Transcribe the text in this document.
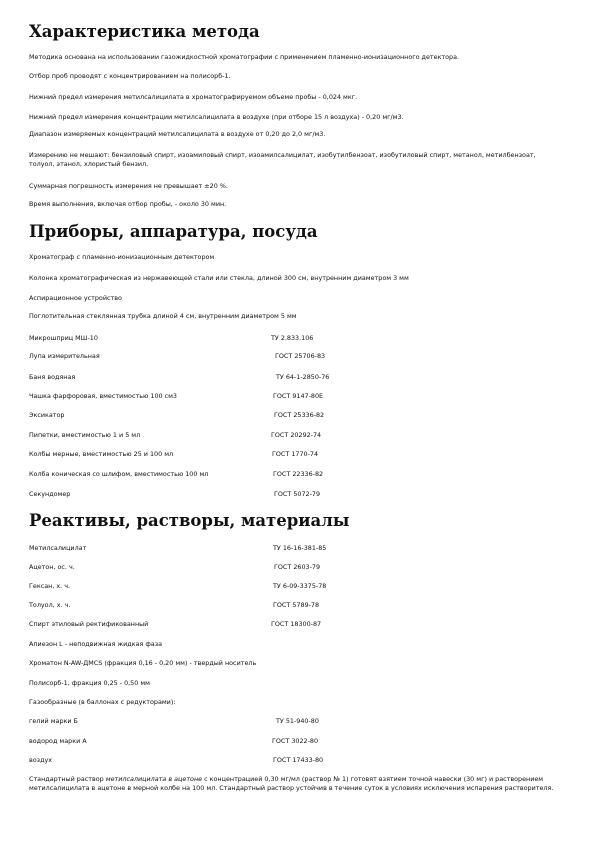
Характеристика метода

Методика основана на использовании газожидкостной хроматографии с применением пламенно-ионизационного детектора.

Отбор проб проводят с концентрированием на полисорб-1.

Нижний предел измерения метилсалицилата в хроматографируемом объеме пробы - 0,024 мкг.

Нижний предел измерения концентрации метилсалицилата в воздухе (при отборе 15 л воздуха) - 0,20 мг/м3.

Диапазон измеряемых концентраций метилсалицилата в воздухе от 0,20 до 2,0 мг/м3.

Измерению не мешают: бензиловый спирт, изоамиловый спирт, изоамилсалицилат, изобутилбензоат, изобутиловый спирт, метанол, метилбензоат, толуол, этанол, хлористый бензил.

Суммарная погрешность измерения не превышает ±20 %.

Время выполнения, включая отбор пробы, - около 30 мин.

Приборы, аппаратура, посуда

Хроматограф с пламенно-ионизационным детектором

Колонка хроматографическая из нержавеющей стали или стекла, длиной 300 см, внутренним диаметром 3 мм

Аспирационное устройство

Поглотительная стеклянная трубка длиной 4 см, внутренним диаметром 5 мм

Микрошприц МШ-10	ТУ 2.833.106

Лупа измерительная	ГОСТ 25706-83

Баня водяная	ТУ 64-1-2850-76

Чашка фарфоровая, вместимостью 100 см3	ГОСТ 9147-80Е

Эксикатор	ГОСТ 25336-82

Пипетки, вместимостью 1 и 5 мл	ГОСТ 20292-74

Колбы мерные, вместимостью 25 и 100 мл	ГОСТ 1770-74

Колба коническая со шлифом, вместимостью 100 мл	ГОСТ 22336-82

Секундомер	ГОСТ 5072-79

Реактивы, растворы, материалы

Метилсалицилат	ТУ 16-16-381-85

Ацетон, ос. ч.	ГОСТ 2603-79

Гексан, х. ч.	ТУ 6-09-3375-78

Толуол, х. ч.	ГОСТ 5789-78

Спирт этиловый ректификованный	ГОСТ 18300-87

Апиезон L - неподвижная жидкая фаза

Хроматон N-AW-ДМСS (фракция 0,16 - 0,20 мм) - твердый носитель

Полисорб-1, фракция 0,25 - 0,50 мм

Газообразные (в баллонах с редукторами):

гелий марки Б	ТУ 51-940-80

водород марки А	ГОСТ 3022-80

воздух	ГОСТ 17433-80

Стандартный раствор метилсалицилата в ацетоне с концентрацией 0,30 мг/мл (раствор № 1) готовят взятием точной навески (30 мг) и растворением метилсалицилата в ацетоне в мерной колбе на 100 мл. Стандартный раствор устойчив в течение суток в условиях исключения испарения растворителя.
